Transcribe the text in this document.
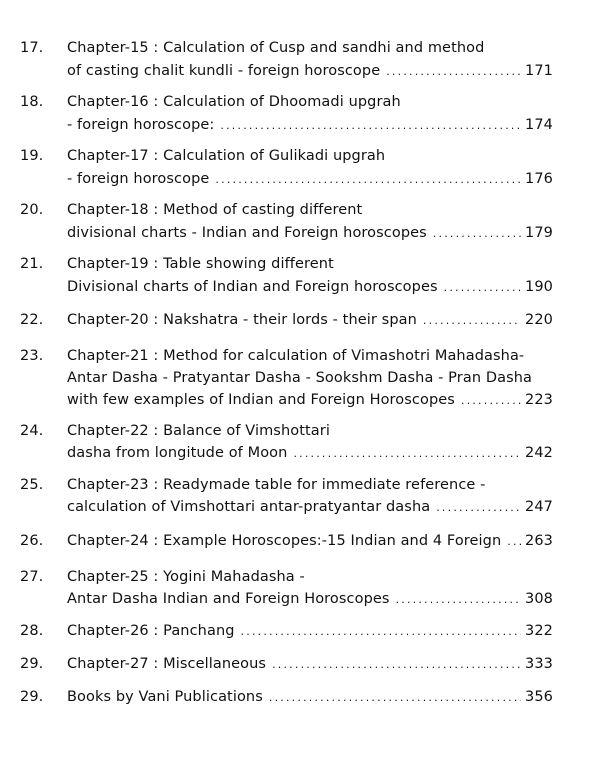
17. Chapter-15 : Calculation of Cusp and sandhi and method
of casting chalit kundli - foreign horoscope .....	171
18. Chapter-16 : Calculation of Dhoomadi upgrah
- foreign horoscope: .....	174
19. Chapter-17 : Calculation of Gulikadi upgrah
- foreign horoscope .....	176
20. Chapter-18 : Method of casting different
divisional charts - Indian and Foreign horoscopes .....	179
21. Chapter-19 : Table showing different
Divisional charts of Indian and Foreign horoscopes .....	190
22. Chapter-20 : Nakshatra - their lords - their span .....	220
23. Chapter-21 : Method for calculation of Vimashotri Mahadasha-
Antar Dasha - Pratyantar Dasha - Sookshm Dasha - Pran Dasha
with few examples of Indian and Foreign Horoscopes .....	223
24. Chapter-22 : Balance of Vimshottari
dasha from longitude of Moon .....	242
25. Chapter-23 : Readymade table for immediate reference -
calculation of Vimshottari antar-pratyantar dasha .....	247
26. Chapter-24 : Example Horoscopes:-15 Indian and 4 Foreign ..... 263
27. Chapter-25 : Yogini Mahadasha -
Antar Dasha Indian and Foreign Horoscopes .....	308
28. Chapter-26 : Panchang .....	322
29. Chapter-27 : Miscellaneous .....	333
29. Books by Vani Publications .....	356
